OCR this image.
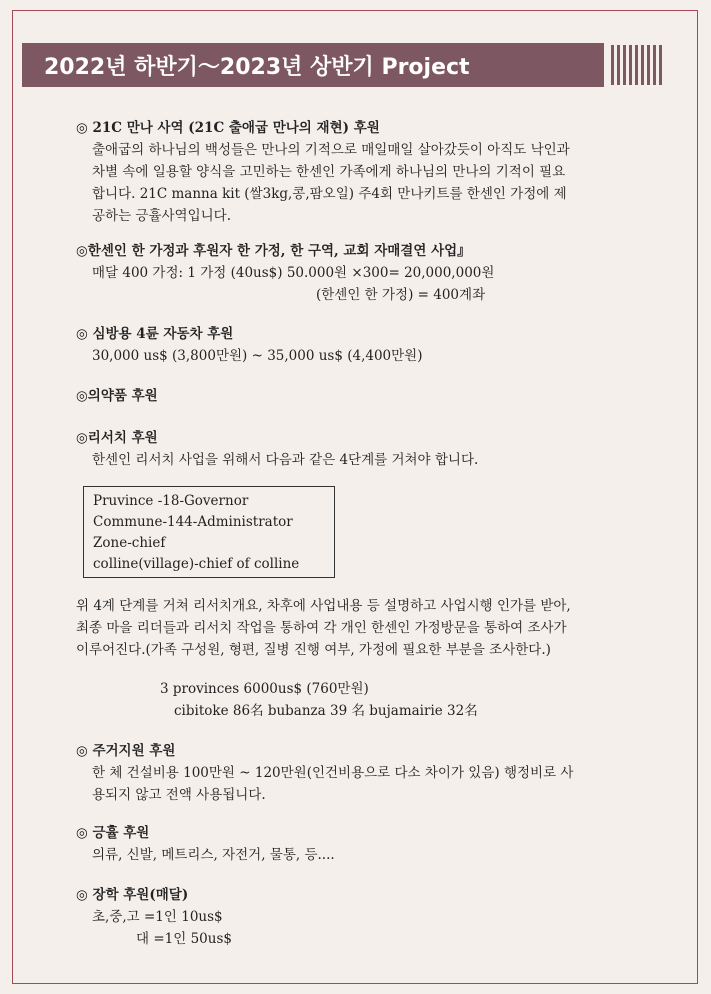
2022년 하반기～2023년 상반기 Project
◎ 21C 만나 사역 (21C 출애굽 만나의 재현) 후원
출애굽의 하나님의 백성들은 만나의 기적으로 매일매일 살아갔듯이 아직도 낙인과
차별 속에 일용할 양식을 고민하는 한센인 가족에게 하나님의 만나의 기적이 필요
합니다. 21C manna kit (쌀3kg,콩,팜오일) 주4회 만나키트를 한센인 가정에 제
공하는 긍휼사역입니다.
◎한센인 한 가정과 후원자 한 가정, 한 구역, 교회 자매결연 사업』
매달 400 가정: 1 가정 (40us$) 50.000원 ×300= 20,000,000원
(한센인 한 가정) = 400계좌
◎ 심방용 4륜 자동차 후원
30,000 us$ (3,800만원) ~ 35,000 us$ (4,400만원)
◎의약품 후원
◎리서치 후원
한센인 리서치 사업을 위해서 다음과 같은 4단계를 거쳐야 합니다.
Pruvince -18-Governor
Commune-144-Administrator
Zone-chief
colline(village)-chief of colline
위 4계 단계를 거쳐 리서치개요, 차후에 사업내용 등 설명하고 사업시행 인가를 받아,
최종 마을 리더들과 리서치 작업을 통하여 각 개인 한센인 가정방문을 통하여 조사가
이루어진다.(가족 구성원, 형편, 질병 진행 여부, 가정에 필요한 부분을 조사한다.)
3 provinces 6000us$ (760만원)
cibitoke 86名 bubanza 39 名 bujamairie 32名
◎ 주거지원 후원
한 체 건설비용 100만원 ~ 120만원(인건비용으로 다소 차이가 있음) 행정비로 사
용되지 않고 전액 사용됩니다.
◎ 긍휼 후원
의류, 신발, 메트리스, 자전거, 물통, 등....
◎ 장학 후원(매달)
초,중,고 =1인 10us$
대 =1인 50us$
